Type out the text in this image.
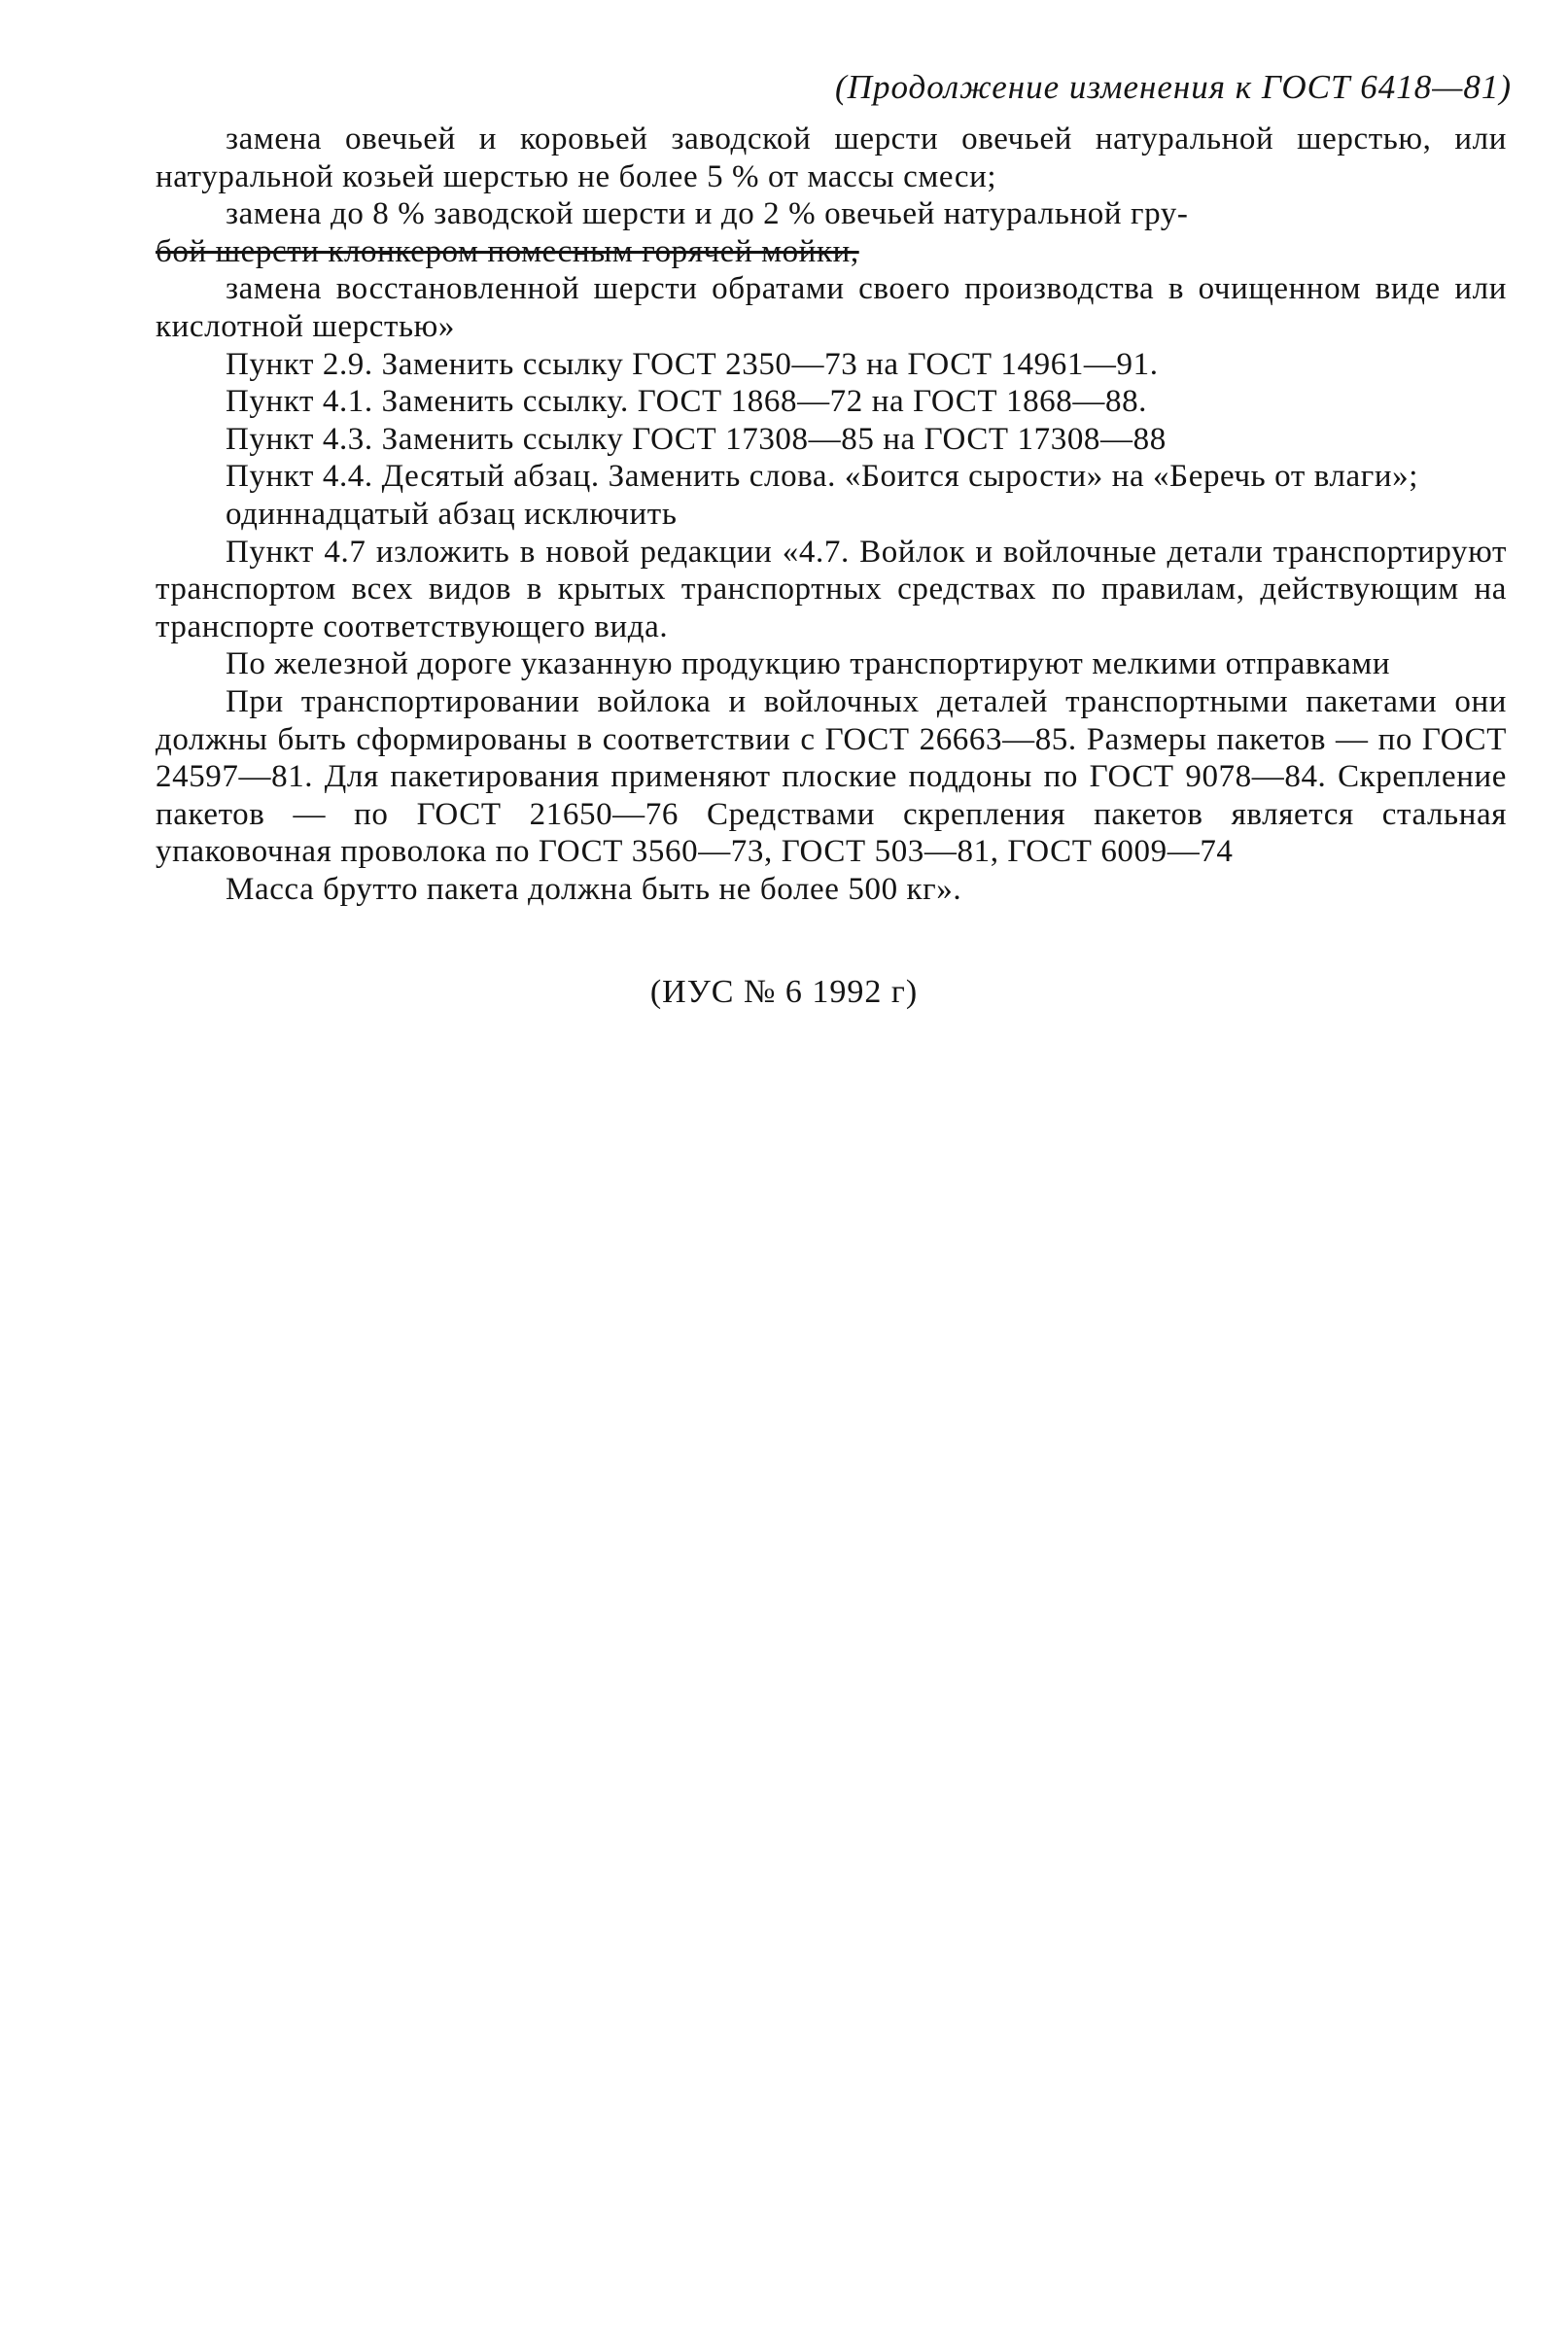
(Продолжение изменения к ГОСТ 6418—81)

замена овечьей и коровьей заводской шерсти овечьей натуральной шерстью, или натуральной козьей шерстью не более 5 % от массы смеси;

замена до 8 % заводской шерсти и до 2 % овечьей натуральной гру-

бой шерсти клонкером помесным горячей мойки,

замена восстановленной шерсти обратами своего производства в очищенном виде или кислотной шерстью»

Пункт 2.9. Заменить ссылку ГОСТ 2350—73 на ГОСТ 14961—91.

Пункт 4.1. Заменить ссылку. ГОСТ 1868—72 на ГОСТ 1868—88.

Пункт 4.3. Заменить ссылку ГОСТ 17308—85 на ГОСТ 17308—88

Пункт 4.4. Десятый абзац. Заменить слова. «Боится сырости» на «Беречь от влаги»;

одиннадцатый абзац исключить

Пункт 4.7 изложить в новой редакции «4.7. Войлок и войлочные детали транспортируют транспортом всех видов в крытых транспортных средствах по правилам, действующим на транспорте соответствующего вида.

По железной дороге указанную продукцию транспортируют мелкими отправками

При транспортировании войлока и войлочных деталей транспортными пакетами они должны быть сформированы в соответствии с ГОСТ 26663—85. Размеры пакетов — по ГОСТ 24597—81. Для пакетирования применяют плоские поддоны по ГОСТ 9078—84. Скрепление пакетов — по ГОСТ 21650—76 Средствами скрепления пакетов является стальная упаковочная проволока по ГОСТ 3560—73, ГОСТ 503—81, ГОСТ 6009—74

Масса брутто пакета должна быть не более 500 кг».

(ИУС № 6 1992 г)
